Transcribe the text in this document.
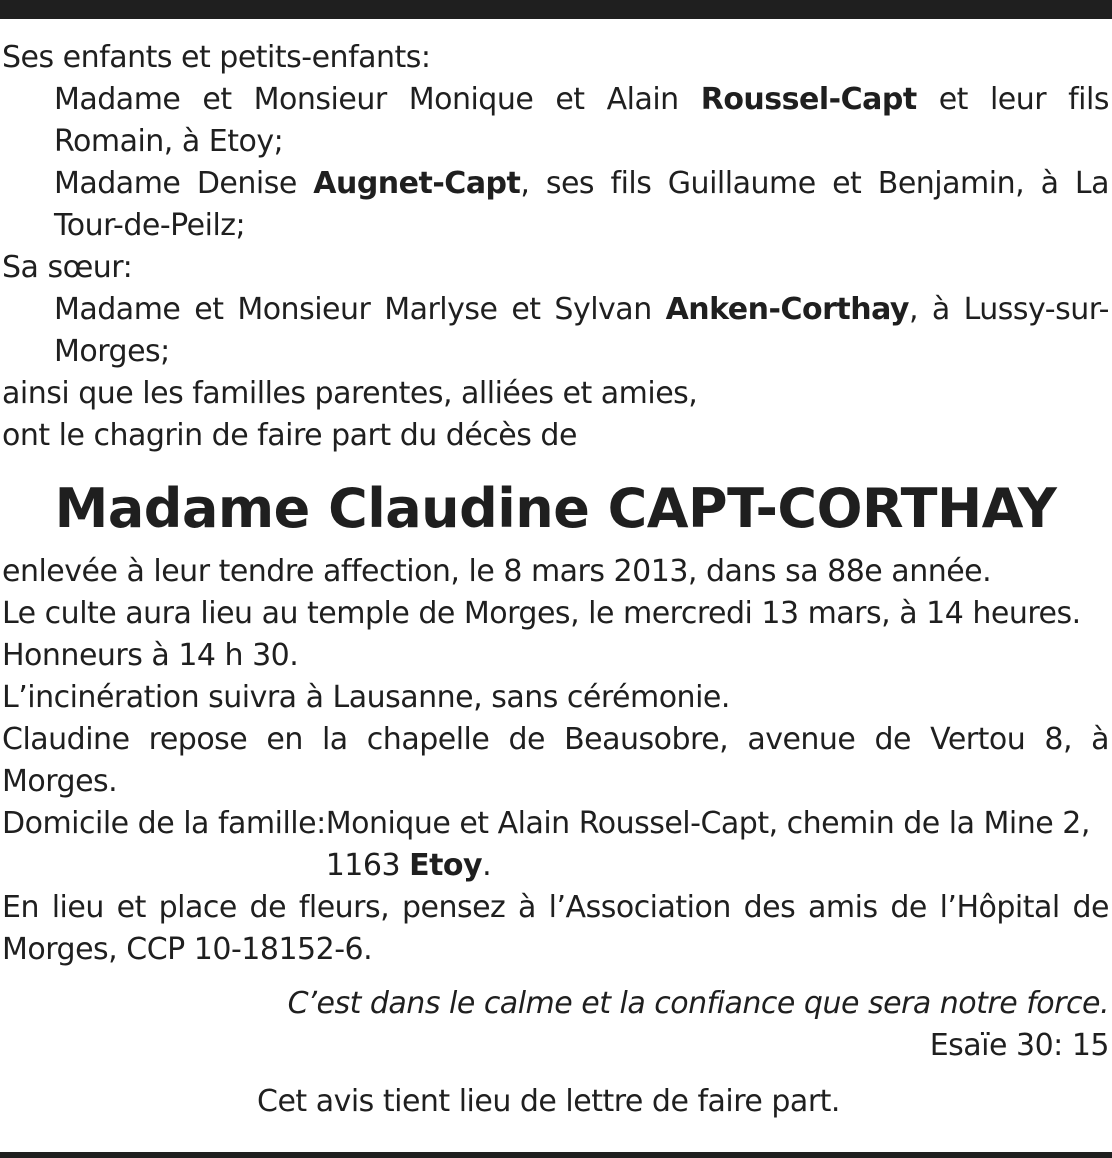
Ses enfants et petits-enfants:
Madame et Monsieur Monique et Alain Roussel-Capt et leur fils Romain, à Etoy;
Madame Denise Augnet-Capt, ses fils Guillaume et Benjamin, à La Tour-de-Peilz;
Sa sœur:
Madame et Monsieur Marlyse et Sylvan Anken-Corthay, à Lussy-sur-Morges;
ainsi que les familles parentes, alliées et amies,
ont le chagrin de faire part du décès de
Madame Claudine CAPT-CORTHAY
enlevée à leur tendre affection, le 8 mars 2013, dans sa 88e année.
Le culte aura lieu au temple de Morges, le mercredi 13 mars, à 14 heures.
Honneurs à 14 h 30.
L’incinération suivra à Lausanne, sans cérémonie.
Claudine repose en la chapelle de Beausobre, avenue de Vertou 8, à Morges.
Domicile de la famille: Monique et Alain Roussel-Capt, chemin de la Mine 2, 1163 Etoy.
En lieu et place de fleurs, pensez à l’Association des amis de l’Hôpital de Morges, CCP 10-18152-6.
C’est dans le calme et la confiance que sera notre force.
Esaïe 30: 15
Cet avis tient lieu de lettre de faire part.
